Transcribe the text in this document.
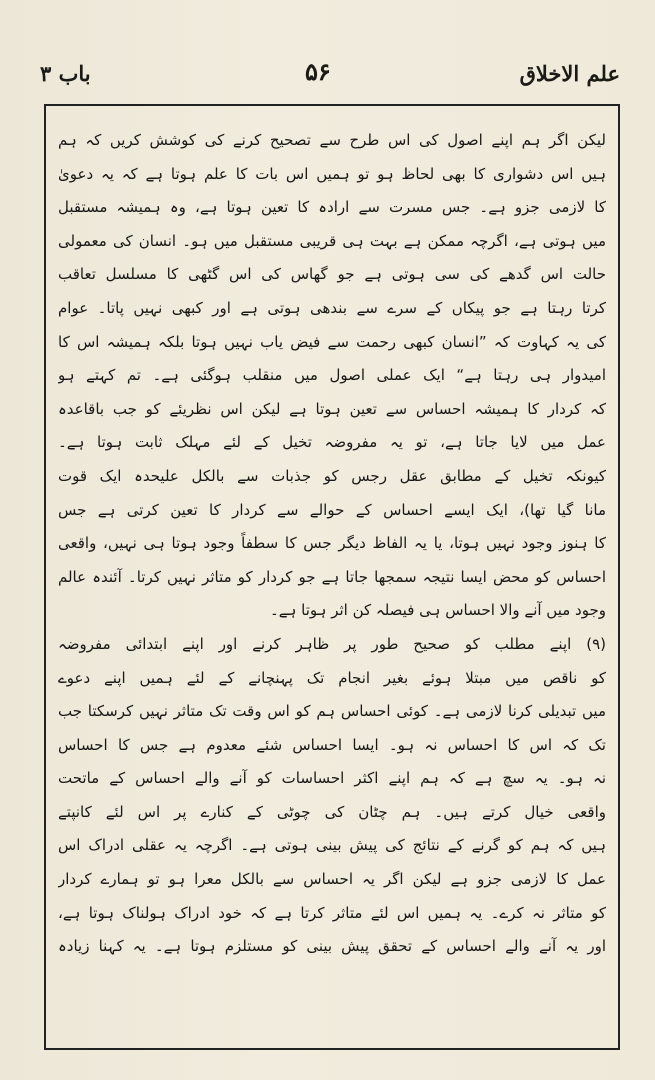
باب ۳	۵۶	علم الاخلاق
لیکن اگر ہم اپنے اصول کی اس طرح سے تصحیح کرنے کی کوشش کریں کہ ہم
ہیں اس دشواری کا بھی لحاظ ہو تو ہمیں اس بات کا علم ہوتا ہے کہ یہ دعویٰ
کا لازمی جزو ہے۔ جس مسرت سے ارادہ کا تعین ہوتا ہے، وہ ہمیشہ مستقبل
میں ہوتی ہے، اگرچہ ممکن ہے بہت ہی قریبی مستقبل میں ہو۔ انسان کی معمولی
حالت اس گدھے کی سی ہوتی ہے جو گھاس کی اس گٹھی کا مسلسل تعاقب
کرتا رہتا ہے جو پیکاں کے سرے سے بندھی ہوتی ہے اور کبھی نہیں پاتا۔ عوام
کی یہ کہاوت کہ ”انسان کبھی رحمت سے فیض یاب نہیں ہوتا بلکہ ہمیشہ اس کا
امیدوار ہی رہتا ہے“ ایک عملی اصول میں منقلب ہوگئی ہے۔ تم کہتے ہو
کہ کردار کا ہمیشہ احساس سے تعین ہوتا ہے لیکن اس نظریئے کو جب باقاعدہ
عمل میں لایا جاتا ہے، تو یہ مفروضہ تخیل کے لئے مہلک ثابت ہوتا ہے۔
کیونکہ تخیل کے مطابق عقل رجس کو جذبات سے بالکل علیحدہ ایک قوت
مانا گیا تھا)، ایک ایسے احساس کے حوالے سے کردار کا تعین کرتی ہے جس
کا ہنوز وجود نہیں ہوتا، یا یہ الفاظ دیگر جس کا سطفاً وجود ہوتا ہی نہیں، واقعی
احساس کو محض ایسا نتیجہ سمجھا جاتا ہے جو کردار کو متاثر نہیں کرتا۔ آئندہ عالم
وجود میں آنے والا احساس ہی فیصلہ کن اثر ہوتا ہے۔
(۹) اپنے مطلب کو صحیح طور پر ظاہر کرنے اور اپنے ابتدائی مفروضہ
کو ناقص میں مبتلا ہوئے بغیر انجام تک پہنچانے کے لئے ہمیں اپنے دعوے
میں تبدیلی کرنا لازمی ہے۔ کوئی احساس ہم کو اس وقت تک متاثر نہیں کرسکتا جب
تک کہ اس کا احساس نہ ہو۔ ایسا احساس شئے معدوم ہے جس کا احساس
نہ ہو۔ یہ سچ ہے کہ ہم اپنے اکثر احساسات کو آنے والے احساس کے ماتحت
واقعی خیال کرتے ہیں۔ ہم چٹان کی چوٹی کے کنارے پر اس لئے کانپتے
ہیں کہ ہم کو گرنے کے نتائج کی پیش بینی ہوتی ہے۔ اگرچہ یہ عقلی ادراک اس
عمل کا لازمی جزو ہے لیکن اگر یہ احساس سے بالکل معرا ہو تو ہمارے کردار
کو متاثر نہ کرے۔ یہ ہمیں اس لئے متاثر کرتا ہے کہ خود ادراک ہولناک ہوتا ہے،
اور یہ آنے والے احساس کے تحقق پیش بینی کو مستلزم ہوتا ہے۔ یہ کہنا زیادہ
